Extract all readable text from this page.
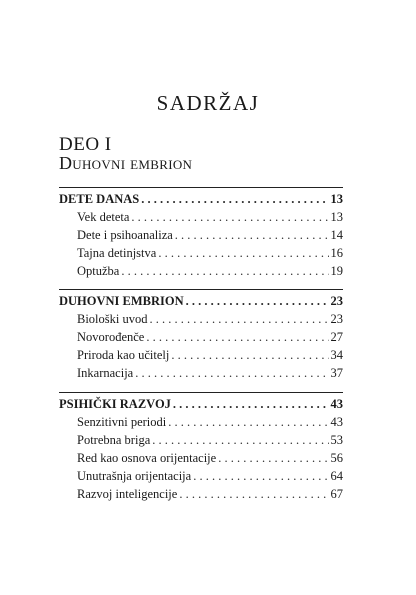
SADRŽAJ
DEO I
Duhovni embrion
DETE DANAS . . .	13
Vek deteta . . .	13
Dete i psihoanaliza . . .	14
Tajna detinjstva . . .	16
Optužba . . .	19
DUHOVNI EMBRION . . .	23
Biološki uvod . . .	23
Novorođenče . . .	27
Priroda kao učitelj . . .	34
Inkarnacija . . .	37
PSIHIČKI RAZVOJ . . .	43
Senzitivni periodi . . .	43
Potrebna briga . . .	53
Red kao osnova orijentacije . . .	56
Unutrašnja orijentacija . . .	64
Razvoj inteligencije . . .	67
